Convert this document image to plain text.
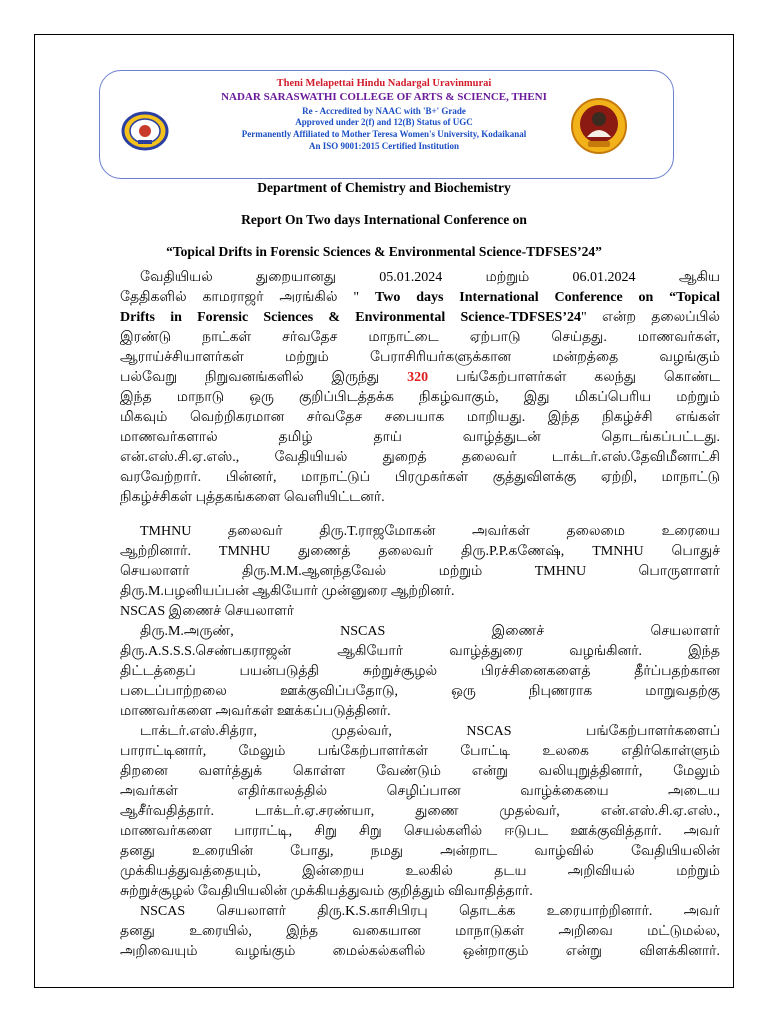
Theni Melapettai Hindu Nadargal Uravinmurai
NADAR SARASWATHI COLLEGE OF ARTS & SCIENCE, THENI
Re - Accredited by NAAC with 'B+' Grade
Approved under 2(f) and 12(B) Status of UGC
Permanently Affiliated to Mother Teresa Women's University, Kodaikanal
An ISO 9001:2015 Certified Institution
Department of Chemistry and Biochemistry
Report On Two days International Conference on
“Topical Drifts in Forensic Sciences & Environmental Science-TDFSES’24”
வேதியியல் துறையானது 05.01.2024 மற்றும் 06.01.2024 ஆகிய
தேதிகளில் காமராஜர் அரங்கில் " Two days International Conference on “Topical
Drifts in Forensic Sciences & Environmental Science-TDFSES’24" என்ற தலைப்பில்
இரண்டு நாட்கள் சர்வதேச மாநாட்டை ஏற்பாடு செய்தது. மாணவர்கள்,
ஆராய்ச்சியாளர்கள் மற்றும் பேராசிரியர்களுக்கான மன்றத்தை வழங்கும்
பல்வேறு நிறுவனங்களில் இருந்து 320 பங்கேற்பாளர்கள் கலந்து கொண்ட
இந்த மாநாடு ஒரு குறிப்பிடத்தக்க நிகழ்வாகும், இது மிகப்பெரிய மற்றும்
மிகவும் வெற்றிகரமான சர்வதேச சபையாக மாறியது. இந்த நிகழ்ச்சி எங்கள்
மாணவர்களால் தமிழ் தாய் வாழ்த்துடன் தொடங்கப்பட்டது.
என்.எஸ்.சி.ஏ.எஸ்., வேதியியல் துறைத் தலைவர் டாக்டர்.எஸ்.தேவிமீனாட்சி
வரவேற்றார். பின்னர், மாநாட்டுப் பிரமுகர்கள் குத்துவிளக்கு ஏற்றி, மாநாட்டு
நிகழ்ச்சிகள் புத்தகங்களை வெளியிட்டனர்.
TMHNU தலைவர் திரு.T.ராஜமோகன் அவர்கள் தலைமை உரையை
ஆற்றினார். TMNHU துணைத் தலைவர் திரு.P.P.கணேஷ், TMNHU பொதுச்
செயலாளர் திரு.M.M.ஆனந்தவேல் மற்றும் TMHNU பொருளாளர்
திரு.M.பழனியப்பன் ஆகியோர் முன்னுரை ஆற்றினர்.
NSCAS இணைச் செயலாளர்
திரு.M.அருண், NSCAS இணைச் செயலாளர்
திரு.A.S.S.S.செண்பகராஜன் ஆகியோர் வாழ்த்துரை வழங்கினர். இந்த
திட்டத்தைப் பயன்படுத்தி சுற்றுச்சூழல் பிரச்சினைகளைத் தீர்ப்பதற்கான
படைப்பாற்றலை ஊக்குவிப்பதோடு, ஒரு நிபுணராக மாறுவதற்கு
மாணவர்களை அவர்கள் ஊக்கப்படுத்தினர்.
டாக்டர்.எஸ்.சித்ரா, முதல்வர், NSCAS பங்கேற்பாளர்களைப்
பாராட்டினார், மேலும் பங்கேற்பாளர்கள் போட்டி உலகை எதிர்கொள்ளும்
திறனை வளர்த்துக் கொள்ள வேண்டும் என்று வலியுறுத்தினார், மேலும்
அவர்கள் எதிர்காலத்தில் செழிப்பான வாழ்க்கையை அடைய
ஆசீர்வதித்தார். டாக்டர்.ஏ.சரண்யா, துணை முதல்வர், என்.எஸ்.சி.ஏ.எஸ்.,
மாணவர்களை பாராட்டி, சிறு சிறு செயல்களில் ஈடுபட ஊக்குவித்தார். அவர்
தனது உரையின் போது, நமது அன்றாட வாழ்வில் வேதியியலின்
முக்கியத்துவத்தையும், இன்றைய உலகில் தடய அறிவியல் மற்றும்
சுற்றுச்சூழல் வேதியியலின் முக்கியத்துவம் குறித்தும் விவாதித்தார்.
NSCAS செயலாளர் திரு.K.S.காசிபிரபு தொடக்க உரையாற்றினார். அவர்
தனது உரையில், இந்த வகையான மாநாடுகள் அறிவை மட்டுமல்ல,
அறிவையும் வழங்கும் மைல்கல்களில் ஒன்றாகும் என்று விளக்கினார்.
